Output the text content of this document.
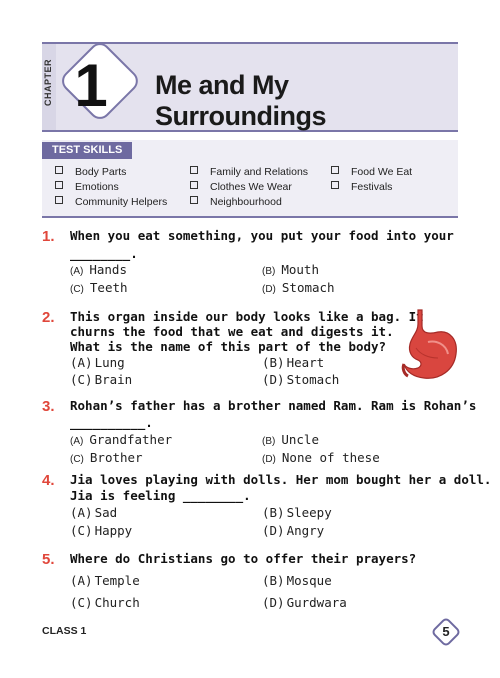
CHAPTER 1	Me and My Surroundings
TEST SKILLS
Body Parts	Family and Relations	Food We Eat
Emotions	Clothes We Wear	Festivals
Community Helpers	Neighbourhood
1. When you eat something, you put your food into your
________.
(A) Hands	(B) Mouth
(C) Teeth	(D) Stomach
2. This organ inside our body looks like a bag. It
churns the food that we eat and digests it.
What is the name of this part of the body?
(A) Lung	(B) Heart
(C) Brain	(D) Stomach
3. Rohan’s father has a brother named Ram. Ram is Rohan’s
__________.
(A) Grandfather	(B) Uncle
(C) Brother	(D) None of these
4. Jia loves playing with dolls. Her mom bought her a doll.
Jia is feeling ________.
(A) Sad	(B) Sleepy
(C) Happy	(D) Angry
5. Where do Christians go to offer their prayers?
(A) Temple	(B) Mosque
(C) Church	(D) Gurdwara
CLASS 1	5
